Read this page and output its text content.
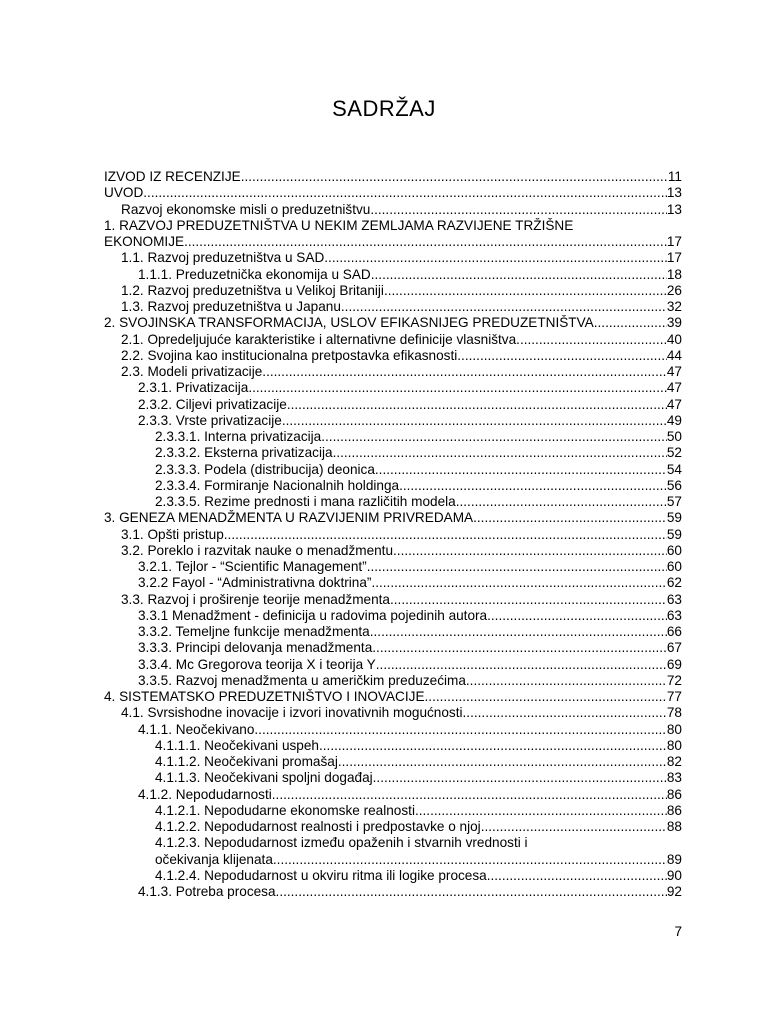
SADRŽAJ
IZVOD IZ RECENZIJE .....	11
UVOD .....	13
Razvoj ekonomske misli o preduzetništvu .....	13
1. RAZVOJ PREDUZETNIŠTVA U NEKIM ZEMLJAMA RAZVIJENE TRŽIŠNE
EKONOMIJE .....	17
1.1. Razvoj preduzetništva u SAD .....	17
1.1.1. Preduzetnička ekonomija u SAD .....	18
1.2. Razvoj preduzetništva u Velikoj Britaniji .....	26
1.3. Razvoj preduzetništva u Japanu .....	32
2. SVOJINSKA TRANSFORMACIJA, USLOV EFIKASNIJEG PREDUZETNIŠTVA .....	39
2.1. Opredeljujuće karakteristike i alternativne definicije vlasništva .....	40
2.2. Svojina kao institucionalna pretpostavka efikasnosti .....	44
2.3. Modeli privatizacije .....	47
2.3.1. Privatizacija .....	47
2.3.2. Ciljevi privatizacije .....	47
2.3.3. Vrste privatizacije .....	49
2.3.3.1. Interna privatizacija .....	50
2.3.3.2. Eksterna privatizacija .....	52
2.3.3.3. Podela (distribucija) deonica .....	54
2.3.3.4. Formiranje Nacionalnih holdinga .....	56
2.3.3.5. Rezime prednosti i mana različitih modela .....	57
3. GENEZA MENADŽMENTA U RAZVIJENIM PRIVREDAMA .....	59
3.1. Opšti pristup .....	59
3.2. Poreklo i razvitak nauke o menadžmentu .....	60
3.2.1. Tejlor - “Scientific Management” .....	60
3.2.2 Fayol - “Administrativna doktrina” .....	62
3.3. Razvoj i proširenje teorije menadžmenta .....	63
3.3.1 Menadžment - definicija u radovima pojedinih autora .....	63
3.3.2. Temeljne funkcije menadžmenta .....	66
3.3.3. Principi delovanja menadžmenta .....	67
3.3.4. Mc Gregorova teorija X i teorija Y .....	69
3.3.5. Razvoj menadžmenta u američkim preduzećima .....	72
4. SISTEMATSKO PREDUZETNIŠTVO I INOVACIJE .....	77
4.1. Svrsishodne inovacije i izvori inovativnih mogućnosti .....	78
4.1.1. Neočekivano .....	80
4.1.1.1. Neočekivani uspeh .....	80
4.1.1.2. Neočekivani promašaj .....	82
4.1.1.3. Neočekivani spoljni događaj .....	83
4.1.2. Nepodudarnosti .....	86
4.1.2.1. Nepodudarne ekonomske realnosti .....	86
4.1.2.2. Nepodudarnost realnosti i predpostavke o njoj .....	88
4.1.2.3. Nepodudarnost između opaženih i stvarnih vrednosti i
očekivanja klijenata .....	89
4.1.2.4. Nepodudarnost u okviru ritma ili logike procesa .....	90
4.1.3. Potreba procesa .....	92
7
